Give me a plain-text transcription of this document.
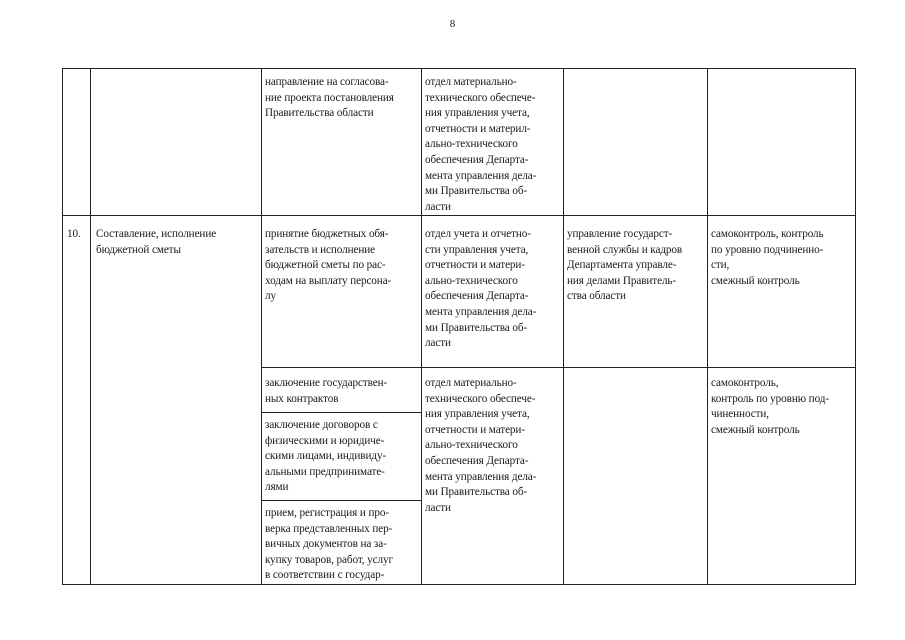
8
направление на согласова-
ние проекта постановления
Правительства области
отдел материально-
технического обеспече-
ния управления учета,
отчетности и материл-
ально-технического
обеспечения Департа-
мента управления дела-
ми Правительства об-
ласти
10. Составление, исполнение
бюджетной сметы
принятие бюджетных обя-
зательств и исполнение
бюджетной сметы по рас-
ходам на выплату персона-
лу
отдел учета и отчетно-
сти управления учета,
отчетности и матери-
ально-технического
обеспечения Департа-
мента управления дела-
ми Правительства об-
ласти
управление государст-
венной службы и кадров
Департамента управле-
ния делами Правитель-
ства области
самоконтроль, контроль
по уровню подчиненно-
сти,
смежный контроль
заключение государствен-
ных контрактов
заключение договоров с
физическими и юридиче-
скими лицами, индивиду-
альными предпринимате-
лями
прием, регистрация и про-
верка представленных пер-
вичных документов на за-
купку товаров, работ, услуг
в соответствии с государ-
отдел материально-
технического обеспече-
ния управления учета,
отчетности и матери-
ально-технического
обеспечения Департа-
мента управления дела-
ми Правительства об-
ласти
самоконтроль,
контроль по уровню под-
чиненности,
смежный контроль
